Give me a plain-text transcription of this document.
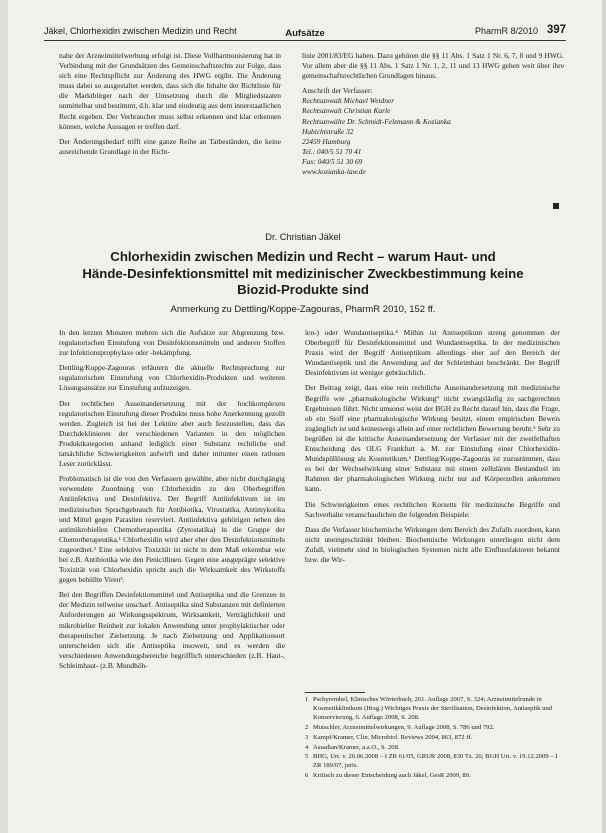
Jäkel, Chlorhexidin zwischen Medizin und Recht	Aufsätze	PharmR 8/2010 397

nahe der Arzneimittelwerbung erfolgt ist. Diese Vollharmonisierung hat in Verbindung mit der Grundsätzen des Gemeinschaftsrechts zur Folge, dass sich eine Rechtspflicht zur Änderung des HWG ergibt. Die Änderung muss dabei so ausgestaltet werden, dass sich die Inhalte der Richtlinie für die Marktbürger nach der Umsetzung durch die Mitgliedstaaten unmittelbar und bestimmt, d.h. klar und eindeutig aus dem innerstaatlichen Recht ergeben. Der Verbraucher muss selbst erkennen und klar erkennen können, welche Aussagen er treffen darf.

Der Änderungsbedarf trifft eine ganze Reihe an Tatbeständen, die keine ausreichende Grundlage in der Richt-

linie 2001/83/EG haben. Dazu gehören die §§ 11 Abs. 1 Satz 1 Nr. 6, 7, 8 und 9 HWG. Vor allem aber die §§ 11 Abs. 1 Satz 1 Nr. 1, 2, 11 und 13 HWG gehen weit über ihre gemeinschaftsrechtlichen Grundlagen hinaus.

Anschrift der Verfasser:
Rechtsanwalt Michael Weidner
Rechtsanwalt Christian Karle
Rechtsanwälte Dr. Schmidt-Felzmann & Kozianka
Habichtstraße 32
22459 Hamburg
Tel.: 040/5 51 70 41
Fax: 040/5 51 30 69
www.kozianka-law.de
Dr. Christian Jäkel
Chlorhexidin zwischen Medizin und Recht – warum Haut- und
Hände-Desinfektionsmittel mit medizinischer Zweckbestimmung keine
Biozid-Produkte sind
Anmerkung zu Dettling/Koppe-Zagouras, PharmR 2010, 152 ff.

In den letzten Monaten mehren sich die Aufsätze zur Abgrenzung bzw. regulatorischen Einstufung von Desinfektionsmitteln und anderen Stoffen zur Infektionsprophylaxe oder -bekämpfung.

Dettling/Koppe-Zagouras erläutern die aktuelle Rechtsprechung zur regulatorischen Einstufung von Chlorhexidin-Produkten und weiteren Lösungsansätze zur Einstufung aufzuzeigen.

Der rechtlichen Auseinandersetzung mit der hochkomplexen regulatorischen Einstufung dieser Produkte muss hohe Anerkennung gezollt werden. Zugleich ist bei der Lektüre aber auch festzustellen, dass das Durchdeklinieren der verschiedenen Varianten in den möglichen Produktkategorien anhand lediglich einer Substanz rechtliche und tatsächliche Schwierigkeiten aufwirft und daher mitunter einen ratlosen Leser zurücklässt.

Problematisch ist die von den Verfassern gewählte, aber nicht durchgängig verwendete Zuordnung von Chlorhexidin zu den Oberbegriffen Antiinfektiva und Desinfektiva. Der Begriff Antiinfektivum ist im medizinischen Sprachgebrauch für Antibiotika, Virustatika, Antimykotika und Mittel gegen Parasiten reserviert. Antiinfektiva gehörigen neben den antimikrobiellen Chemotherapeutika (Zytostatika) in die Gruppe der Chemotherapeutika.¹ Chlorhexidin wird aber eher den Desinfektionsmitteln zugeordnet.² Eine selektive Toxizität ist nicht in dem Maß erkennbar wie bei z.B. Antibiotika wie den Penicillinen. Gegen eine ausgeprägte selektive Toxizität von Chlorhexidin spricht auch die Wirksamkeit des Wirkstoffs gegen behüllte Viren³.

Bei den Begriffen Desinfektionsmittel und Antiseptika und die Grenzen in der Medizin teilweise unscharf. Antiseptika sind Substanzen mit definierten Anforderungen an Wirkungsspektrum, Wirksamkeit, Verträglichkeit und mikrobieller Reinheit zur lokalen Anwendung unter prophylaktischer oder therapeutischer Zielsetzung. Je nach Zielsetzung und Applikationsort unterscheiden sich die Antiseptika insoweit, und es werden die verschiedenen Anwendungsbereiche begrifflich unterschieden (z.B. Haut-, Schleimhaut- (z.B. Mundhöh-

len-) oder Wundantiseptika.⁴ Mithin ist Antiseptikum streng genommen der Oberbegriff für Desinfektionsmittel und Wundantiseptika. In der medizinischen Praxis wird der Begriff Antiseptikum allerdings eher auf den Bereich der Wundantiseptik und die Anwendung auf der Schleimhaut beschränkt. Der Begriff Desinfektivum ist weniger gebräuchlich.

Der Beitrag zeigt, dass eine rein rechtliche Auseinandersetzung mit medizinische Begriffe wie „pharmakologische Wirkung“ nicht zwangsläufig zu sachgerechten Ergebnissen führt. Nicht umsonst weist der BGH zu Recht darauf hin, dass die Frage, ob ein Stoff eine pharmakologische Wirkung besitzt, einem empirischen Beweis zugänglich ist und keineswegs allein auf einer rechtlichen Bewertung beruht.⁵ Sehr zu begrüßen ist die kritische Auseinandersetzung der Verfasser mit der zweifelhaften Entscheidung des OLG Frankfurt a. M. zur Einstufung einer Chlorhexidin-Mundspüllösung als Kosmetikum.⁶ Dettling/Koppe-Zagouras ist zuzustimmen, dass es bei der Wechselwirkung einer Substanz mit einem zellulären Bestandteil im Rahmen der pharmakologischen Wirkung nicht nur auf Körperzellen ankommen kann.

Die Schwierigkeiten eines rechtlichen Korsetts für medizinische Begriffe und Sachverhalte veranschaulichen die folgenden Beispiele:

Dass die Verfasser biochemische Wirkungen dem Bereich des Zufalls zuordnen, kann nicht uneingeschränkt bleiben. Biochemische Wirkungen unterliegen nicht dem Zufall, vielmehr sind in biologischen Systemen nicht alle Einflussfaktoren bekannt bzw. die Wir-

1 Pschyrembel, Klinisches Wörterbuch, 261. Auflage 2007, S. 324; Arzneimittelrunde in Kosmetikklinikum (Hrsg.) Wichtiges Praxis der Sterilisation, Desinfektion, Antiseptik und Konservierung, 6. Auflage 2008, S. 208.
2 Mutschler, Arzneimittelwirkungen, 9. Auflage 2008, S. 786 und 792.
3 Kampf/Kramer, Clin. Microbiol. Reviews 2004, 863, 872 ff.
4 Assadian/Kramer, a.a.O., S. 208.
5 BHG, Urt. v. 26.06.2008 – I ZR 61/05, GRUR 2008, 830 Tz. 26; BGH Urt. v. 19.12.2009 – I ZR 189/07, juris.
6 Kritisch zu dieser Entscheidung auch Jäkel, GesR 2009, 80.
